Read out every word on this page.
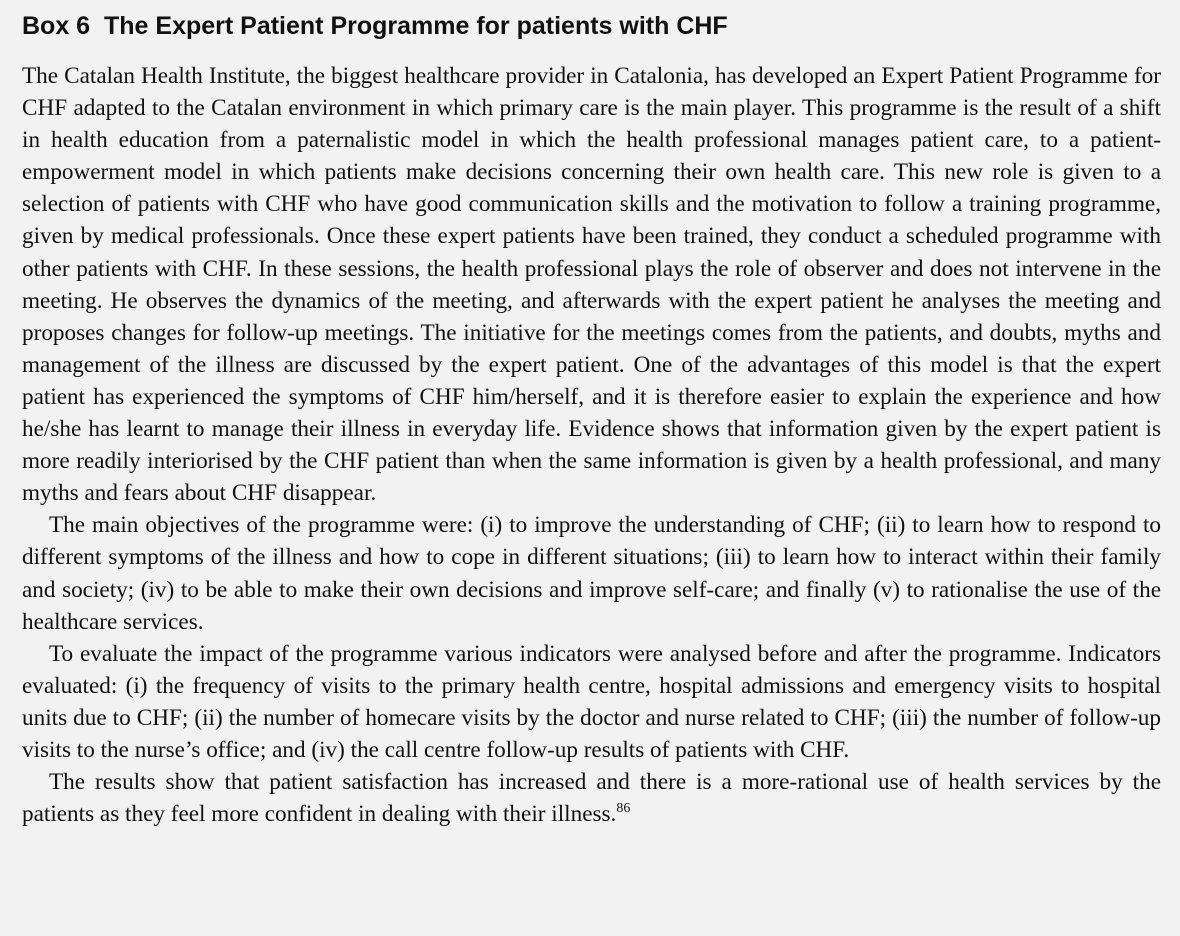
Box 6 The Expert Patient Programme for patients with CHF

The Catalan Health Institute, the biggest healthcare provider in Catalonia, has developed an Expert Patient Programme for CHF adapted to the Catalan environment in which primary care is the main player. This programme is the result of a shift in health education from a paternalistic model in which the health professional manages patient care, to a patient-empowerment model in which patients make decisions concerning their own health care. This new role is given to a selection of patients with CHF who have good communication skills and the motivation to follow a training programme, given by medical professionals. Once these expert patients have been trained, they conduct a scheduled programme with other patients with CHF. In these sessions, the health professional plays the role of observer and does not intervene in the meeting. He observes the dynamics of the meeting, and afterwards with the expert patient he analyses the meeting and proposes changes for follow-up meetings. The initiative for the meetings comes from the patients, and doubts, myths and management of the illness are discussed by the expert patient. One of the advantages of this model is that the expert patient has experienced the symptoms of CHF him/herself, and it is therefore easier to explain the experience and how he/she has learnt to manage their illness in everyday life. Evidence shows that information given by the expert patient is more readily interiorised by the CHF patient than when the same information is given by a health professional, and many myths and fears about CHF disappear.

The main objectives of the programme were: (i) to improve the understanding of CHF; (ii) to learn how to respond to different symptoms of the illness and how to cope in different situations; (iii) to learn how to interact within their family and society; (iv) to be able to make their own decisions and improve self-care; and finally (v) to rationalise the use of the healthcare services.

To evaluate the impact of the programme various indicators were analysed before and after the programme. Indicators evaluated: (i) the frequency of visits to the primary health centre, hospital admissions and emergency visits to hospital units due to CHF; (ii) the number of homecare visits by the doctor and nurse related to CHF; (iii) the number of follow-up visits to the nurse’s office; and (iv) the call centre follow-up results of patients with CHF.

The results show that patient satisfaction has increased and there is a more-rational use of health services by the patients as they feel more confident in dealing with their illness.$^{86}$
